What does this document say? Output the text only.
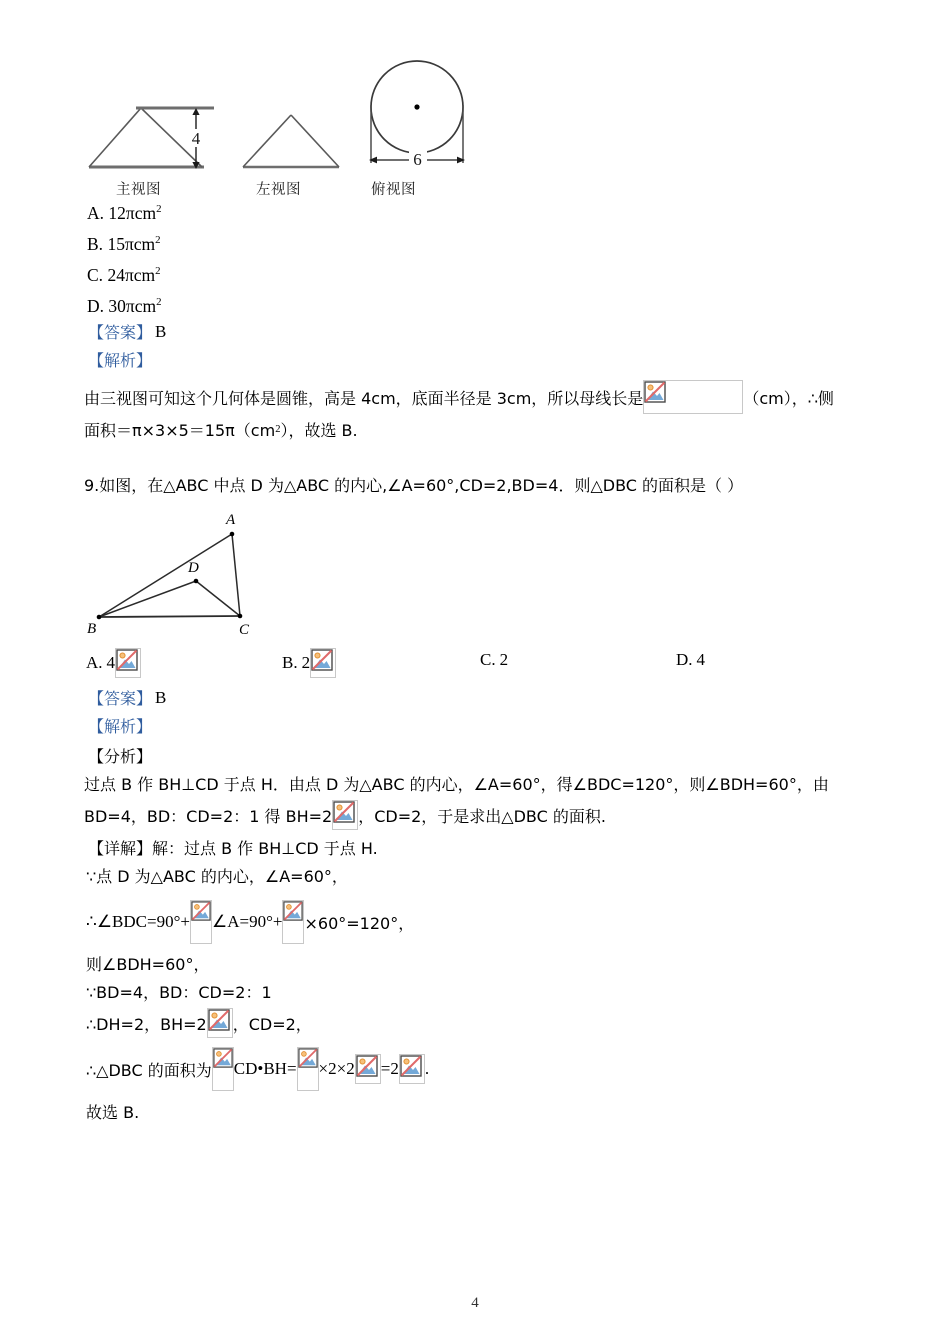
4
主视图	左视图
6
俯视图
A. 12πcm$^2$
B. 15πcm$^2$
C. 24πcm$^2$
D. 30πcm$^2$
【答案】 B
【解析】
由三视图可知这个几何体是圆锥，高是 4cm，底面半径是 3cm，所以母线长是	（cm），∴侧
面积＝π×3×5＝15π（cm 2 ），故选 B.
9.如图，在△ABC 中点 D 为△ABC 的内心,∠A=60°,CD=2,BD=4．则△DBC 的面积是（ ）
A
B	C
D
A. 4	B. 2	C. 2	D. 4
【答案】 B
【解析】
【分析】
过点 B 作 BH⊥CD 于点 H．由点 D 为△ABC 的内心，∠A=60°，得∠BDC=120°，则∠BDH=60°，由
BD=4，BD：CD=2：1 得 BH=2 ，CD=2，于是求出△DBC 的面积.
【详解】 解：过点 B 作 BH⊥CD 于点 H.
∵点 D 为△ABC 的内心，∠A=60°，
∴∠BDC=90°+ ∠A=90°+ ×60°=120°，
则∠BDH=60°，
∵BD=4，BD：CD=2：1
∴DH=2，BH=2 ，CD=2，
∴△DBC 的面积为 CD•BH= ×2×2 =2 .
故选 B.
4
